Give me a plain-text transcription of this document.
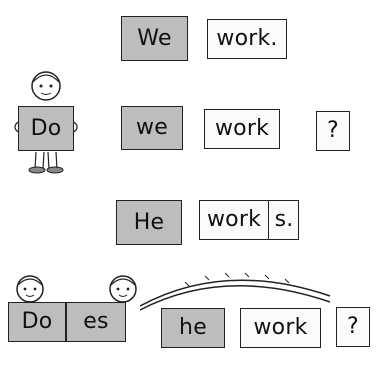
We work.
Do	we work	?
He	work s.
Do es	he work ?
